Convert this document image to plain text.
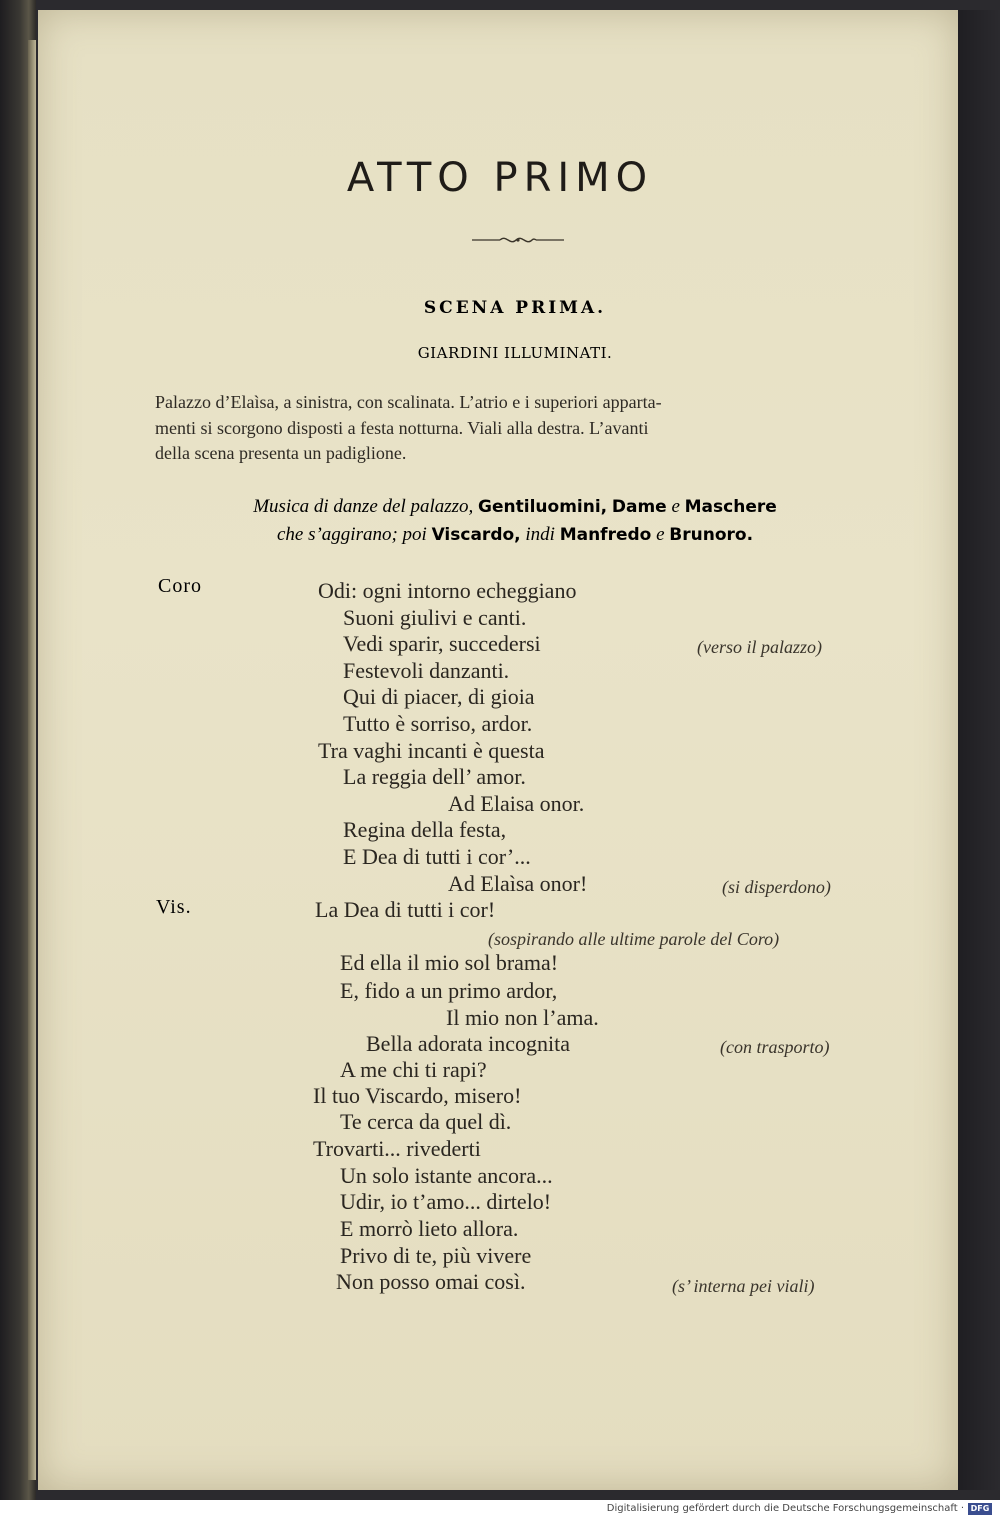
ATTO PRIMO
SCENA PRIMA.
GIARDINI ILLUMINATI.
Palazzo d’Elaìsa, a sinistra, con scalinata. L’atrio e i superiori apparta-
menti si scorgono disposti a festa notturna. Viali alla destra. L’avanti
della scena presenta un padiglione.
Musica di danze del palazzo, Gentiluomini, Dame e Maschere
che s’aggirano; poi Viscardo, indi Manfredo e Brunoro.
Coro
Vis.
Odi: ogni intorno echeggiano
Suoni giulivi e canti.
Vedi sparir, succedersi
Festevoli danzanti.
Qui di piacer, di gioia
Tutto è sorriso, ardor.
Tra vaghi incanti è questa
La reggia dell’ amor.
Ad Elaisa onor.
Regina della festa,
E Dea di tutti i cor’...
Ad Elaìsa onor!
La Dea di tutti i cor!
Ed ella il mio sol brama!
E, fido a un primo ardor,
Il mio non l’ama.
Bella adorata incognita
A me chi ti rapi?
Il tuo Viscardo, misero!
Te cerca da quel dì.
Trovarti... rivederti
Un solo istante ancora...
Udir, io t’amo... dirtelo!
E morrò lieto allora.
Privo di te, più vivere
Non posso omai così.
(verso il palazzo)
(si disperdono)
(sospirando alle ultime parole del Coro)
(con trasporto)
(s’ interna pei viali)
Digitalisierung gefördert durch die Deutsche Forschungsgemeinschaft · DFG
